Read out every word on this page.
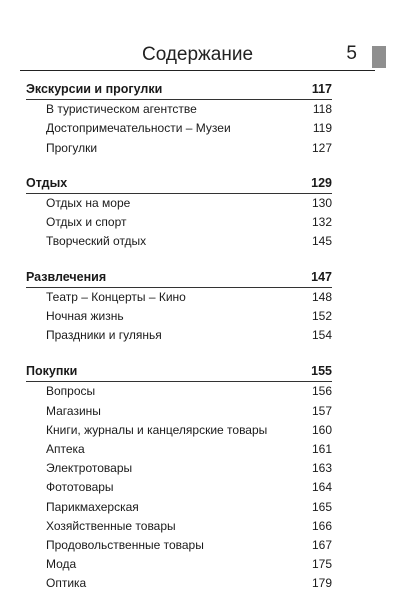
Содержание	5
Экскурсии и прогулки	117
В туристическом агентстве	118
Достопримечательности – Музеи	119
Прогулки	127
Отдых	129
Отдых на море	130
Отдых и спорт	132
Творческий отдых	145
Развлечения	147
Театр – Концерты – Кино	148
Ночная жизнь	152
Праздники и гулянья	154
Покупки	155
Вопросы	156
Магазины	157
Книги, журналы и канцелярские товары	160
Аптека	161
Электротовары	163
Фототовары	164
Парикмахерская	165
Хозяйственные товары	166
Продовольственные товары	167
Мода	175
Оптика	179
